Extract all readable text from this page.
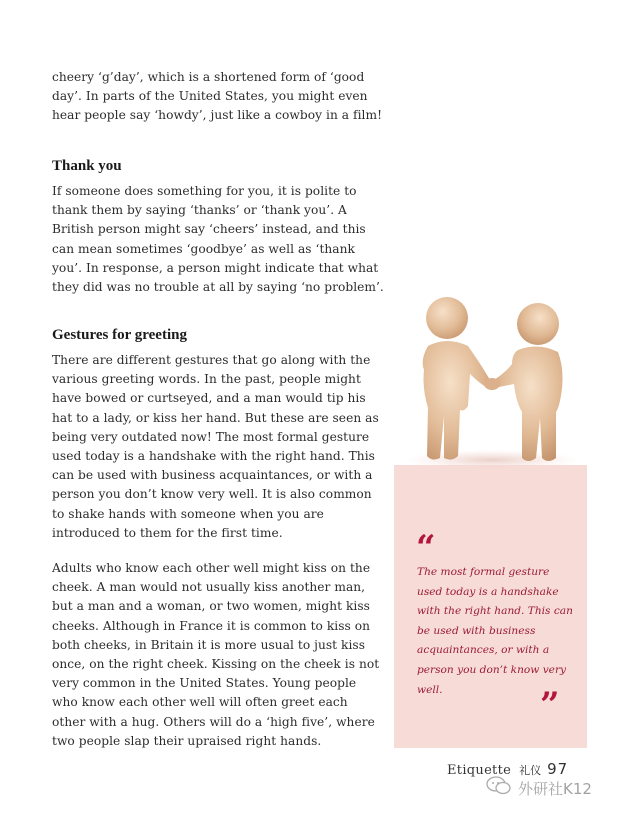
cheery ‘g’day’, which is a shortened form of ‘good day’. In parts of the United States, you might even hear people say ‘howdy’, just like a cowboy in a film!

Thank you

If someone does something for you, it is polite to thank them by saying ‘thanks’ or ‘thank you’. A British person might say ‘cheers’ instead, and this can mean sometimes ‘goodbye’ as well as ‘thank you’. In response, a person might indicate that what they did was no trouble at all by saying ‘no problem’.

Gestures for greeting

There are different gestures that go along with the various greeting words. In the past, people might have bowed or curtseyed, and a man would tip his hat to a lady, or kiss her hand. But these are seen as being very outdated now! The most formal gesture used today is a handshake with the right hand. This can be used with business acquaintances, or with a person you don’t know very well. It is also common to shake hands with someone when you are introduced to them for the first time.

Adults who know each other well might kiss on the cheek. A man would not usually kiss another man, but a man and a woman, or two women, might kiss cheeks. Although in France it is common to kiss on both cheeks, in Britain it is more usual to just kiss once, on the right cheek. Kissing on the cheek is not very common in the United States. Young people who know each other well will often greet each other with a hug. Others will do a ‘high five’, where two people slap their upraised right hands.

“

The most formal gesture used today is a handshake with the right hand. This can be used with business acquaintances, or with a person you don’t know very well.	”
Etiquette 礼仪 97
外研社K12
